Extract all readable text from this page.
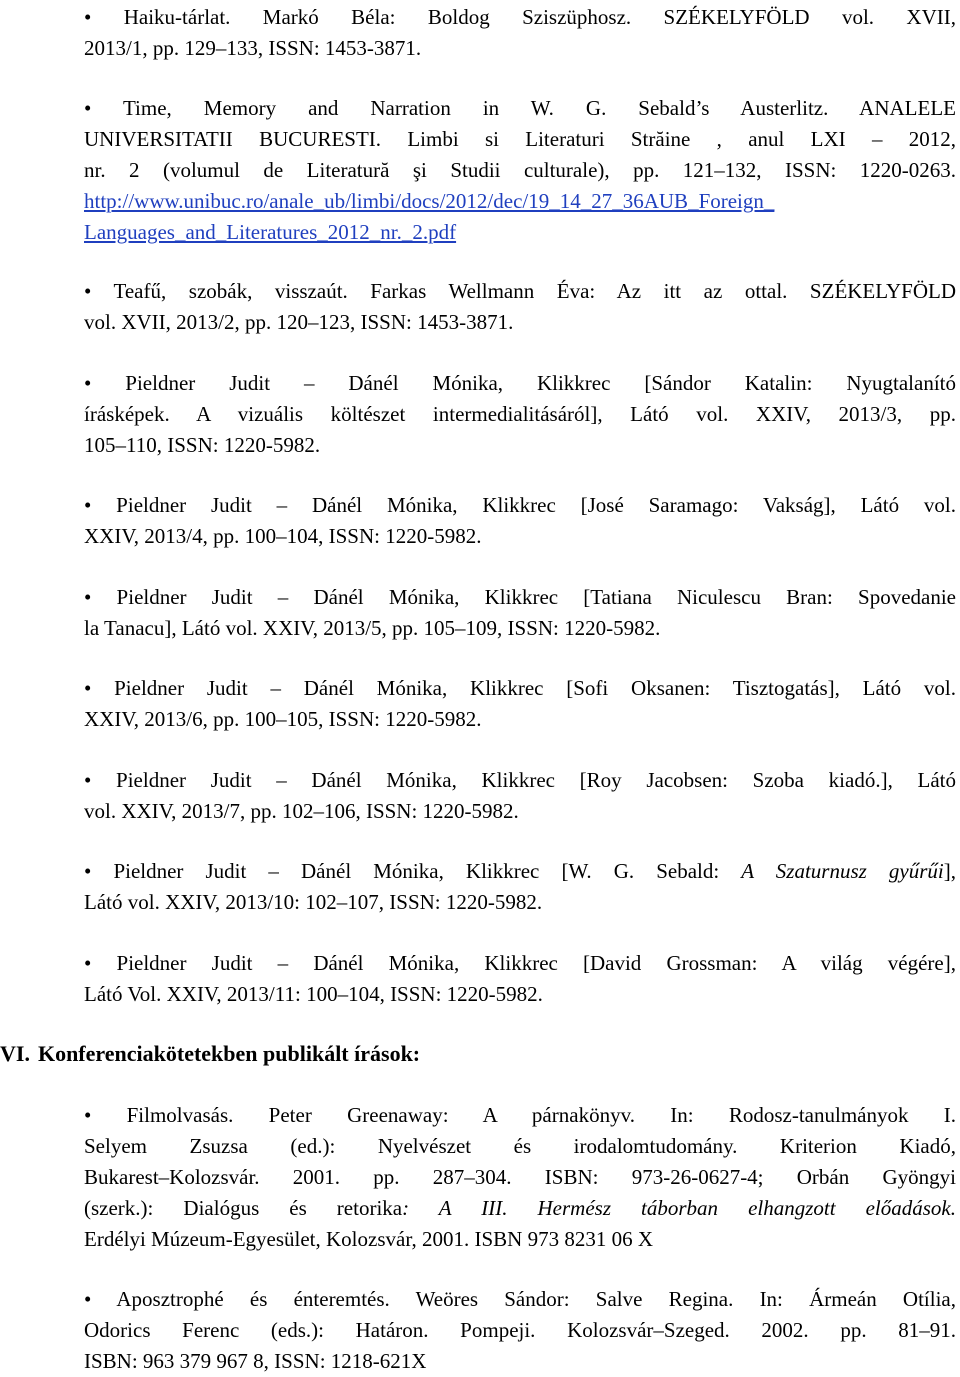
• Haiku-tárlat. Markó Béla: Boldog Sziszüphosz. SZÉKELYFÖLD vol. XVII,
2013/1, pp. 129–133, ISSN: 1453-3871.
• Time, Memory and Narration in W. G. Sebald’s Austerlitz. ANALELE
UNIVERSITATII BUCURESTI. Limbi si Literaturi Străine , anul LXI – 2012,
nr. 2 (volumul de Literatură şi Studii culturale), pp. 121–132, ISSN: 1220-0263.
http://www.unibuc.ro/anale_ub/limbi/docs/2012/dec/19_14_27_36AUB_Foreign_
Languages_and_Literatures_2012_nr._2.pdf
• Teafű, szobák, visszaút. Farkas Wellmann Éva: Az itt az ottal. SZÉKELYFÖLD
vol. XVII, 2013/2, pp. 120–123, ISSN: 1453-3871.
• Pieldner Judit – Dánél Mónika, Klikkrec [Sándor Katalin: Nyugtalanító
írásképek. A vizuális költészet intermedialitásáról], Látó vol. XXIV, 2013/3, pp.
105–110, ISSN: 1220-5982.
• Pieldner Judit – Dánél Mónika, Klikkrec [José Saramago: Vakság], Látó vol.
XXIV, 2013/4, pp. 100–104, ISSN: 1220-5982.
• Pieldner Judit – Dánél Mónika, Klikkrec [Tatiana Niculescu Bran: Spovedanie
la Tanacu], Látó vol. XXIV, 2013/5, pp. 105–109, ISSN: 1220-5982.
• Pieldner Judit – Dánél Mónika, Klikkrec [Sofi Oksanen: Tisztogatás], Látó vol.
XXIV, 2013/6, pp. 100–105, ISSN: 1220-5982.
• Pieldner Judit – Dánél Mónika, Klikkrec [Roy Jacobsen: Szoba kiadó.], Látó
vol. XXIV, 2013/7, pp. 102–106, ISSN: 1220-5982.
• Pieldner Judit – Dánél Mónika, Klikkrec [W. G. Sebald: A Szaturnusz gyűrűi],
Látó vol. XXIV, 2013/10: 102–107, ISSN: 1220-5982.
• Pieldner Judit – Dánél Mónika, Klikkrec [David Grossman: A világ végére],
Látó Vol. XXIV, 2013/11: 100–104, ISSN: 1220-5982.
VI. Konferenciakötetekben publikált írások:
• Filmolvasás. Peter Greenaway: A párnakönyv. In: Rodosz-tanulmányok I.
Selyem Zsuzsa (ed.): Nyelvészet és irodalomtudomány. Kriterion Kiadó,
Bukarest–Kolozsvár. 2001. pp. 287–304. ISBN: 973-26-0627-4; Orbán Gyöngyi
(szerk.): Dialógus és retorika: A III. Hermész táborban elhangzott előadások.
Erdélyi Múzeum-Egyesület, Kolozsvár, 2001. ISBN 973 8231 06 X
• Aposztrophé és énteremtés. Weöres Sándor: Salve Regina. In: Ármeán Otília,
Odorics Ferenc (eds.): Határon. Pompeji. Kolozsvár–Szeged. 2002. pp. 81–91.
ISBN: 963 379 967 8, ISSN: 1218-621X
